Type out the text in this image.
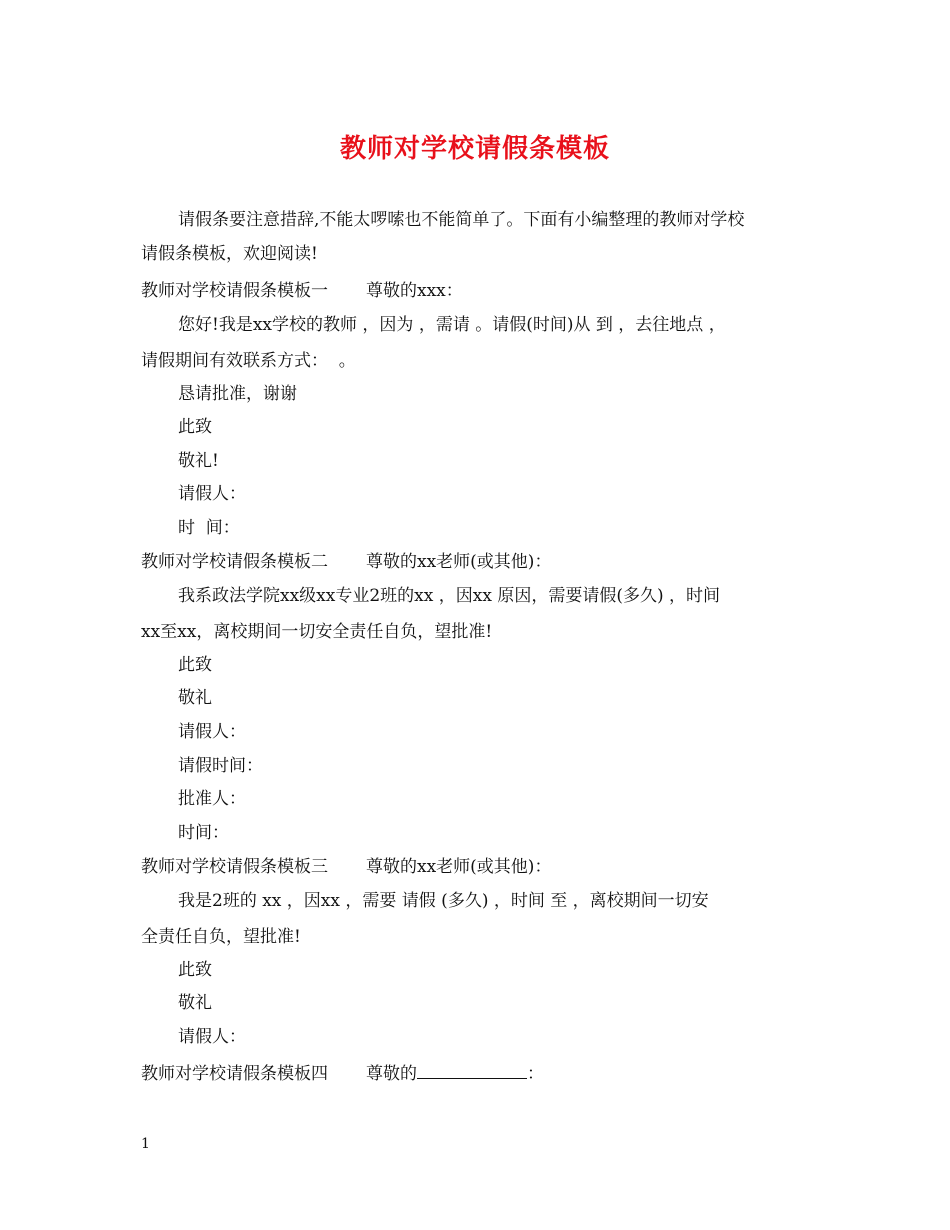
教师对学校请假条模板
请假条要注意措辞,不能太啰嗦也不能简单了。下面有小编整理的教师对学校
请假条模板，欢迎阅读!
教师对学校请假条模板一 尊敬的xxx：
您好!我是xx学校的教师 ，因为 ，需请 。请假(时间)从 到 ，去往地点 ，
请假期间有效联系方式：  。
恳请批准，谢谢
此致
敬礼!
请假人：
时  间：
教师对学校请假条模板二 尊敬的xx老师(或其他)：
我系政法学院xx级xx专业2班的xx ，因xx 原因，需要请假(多久) ，时间
xx至xx，离校期间一切安全责任自负，望批准!
此致
敬礼
请假人：
请假时间：
批准人：
时间：
教师对学校请假条模板三 尊敬的xx老师(或其他)：
我是2班的 xx ，因xx ，需要 请假 (多久) ，时间 至 ，离校期间一切安
全责任自负，望批准!
此致
敬礼
请假人：
教师对学校请假条模板四 尊敬的	：
1
